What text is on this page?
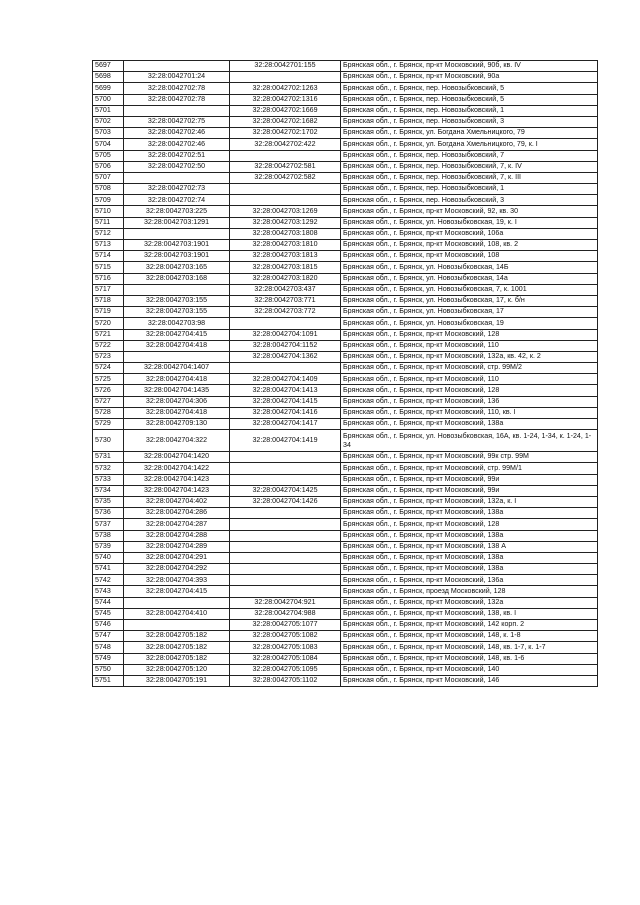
5697		32:28:0042701:155	Брянская обл., г. Брянск, пр-кт Московский, 90б, кв. IV
5698	32:28:0042701:24		Брянская обл., г. Брянск, пр-кт Московский, 90а
5699	32:28:0042702:78	32:28:0042702:1263	Брянская обл., г. Брянск, пер. Новозыбковский, 5
5700	32:28:0042702:78	32:28:0042702:1316	Брянская обл., г. Брянск, пер. Новозыбковский, 5
5701		32:28:0042702:1669	Брянская обл., г. Брянск, пер. Новозыбковский, 1
5702	32:28:0042702:75	32:28:0042702:1682	Брянская обл., г. Брянск, пер. Новозыбковский, 3
5703	32:28:0042702:46	32:28:0042702:1702	Брянская обл., г. Брянск, ул. Богдана Хмельницкого, 79
5704	32:28:0042702:46	32:28:0042702:422	Брянская обл., г. Брянск, ул. Богдана Хмельницкого, 79, к. I
5705	32:28:0042702:51		Брянская обл., г. Брянск, пер. Новозыбковский, 7
5706	32:28:0042702:50	32:28:0042702:581	Брянская обл., г. Брянск, пер. Новозыбковский, 7, к. IV
5707		32:28:0042702:582	Брянская обл., г. Брянск, пер. Новозыбковский, 7, к. III
5708	32:28:0042702:73		Брянская обл., г. Брянск, пер. Новозыбковский, 1
5709	32:28:0042702:74		Брянская обл., г. Брянск, пер. Новозыбковский, 3
5710	32:28:0042703:225	32:28:0042703:1269	Брянская обл., г. Брянск, пр-кт Московский, 92, кв. 30
5711	32:28:0042703:1291	32:28:0042703:1292	Брянская обл., г. Брянск, ул. Новозыбковская, 19, к. I
5712		32:28:0042703:1808	Брянская обл., г. Брянск, пр-кт Московский, 106а
5713	32:28:0042703:1901	32:28:0042703:1810	Брянская обл., г. Брянск, пр-кт Московский, 108, кв. 2
5714	32:28:0042703:1901	32:28:0042703:1813	Брянская обл., г. Брянск, пр-кт Московский, 108
5715	32:28:0042703:165	32:28:0042703:1815	Брянская обл., г. Брянск, ул. Новозыбковская, 14Б
5716	32:28:0042703:168	32:28:0042703:1820	Брянская обл., г. Брянск, ул. Новозыбковская, 14а
5717		32:28:0042703:437	Брянская обл., г. Брянск, ул. Новозыбковская, 7, к. 1001
5718	32:28:0042703:155	32:28:0042703:771	Брянская обл., г. Брянск, ул. Новозыбковская, 17, к. б/н
5719	32:28:0042703:155	32:28:0042703:772	Брянская обл., г. Брянск, ул. Новозыбковская, 17
5720	32:28:0042703:98		Брянская обл., г. Брянск, ул. Новозыбковская, 19
5721	32:28:0042704:415	32:28:0042704:1091	Брянская обл., г. Брянск, пр-кт Московский, 128
5722	32:28:0042704:418	32:28:0042704:1152	Брянская обл., г. Брянск, пр-кт Московский, 110
5723		32:28:0042704:1362	Брянская обл., г. Брянск, пр-кт Московский, 132а, кв. 42, к. 2
5724	32:28:0042704:1407		Брянская обл., г. Брянск, пр-кт Московский, стр. 99М/2
5725	32:28:0042704:418	32:28:0042704:1409	Брянская обл., г. Брянск, пр-кт Московский, 110
5726	32:28:0042704:1435	32:28:0042704:1413	Брянская обл., г. Брянск, пр-кт Московский, 128
5727	32:28:0042704:306	32:28:0042704:1415	Брянская обл., г. Брянск, пр-кт Московский, 136
5728	32:28:0042704:418	32:28:0042704:1416	Брянская обл., г. Брянск, пр-кт Московский, 110, кв. I
5729	32:28:0042709:130	32:28:0042704:1417	Брянская обл., г. Брянск, пр-кт Московский, 138а
5730	32:28:0042704:322	32:28:0042704:1419	Брянская обл., г. Брянск, ул. Новозыбковская, 16А, кв. 1-24, 1-34, к. 1-24, 1-34
5731	32:28:0042704:1420		Брянская обл., г. Брянск, пр-кт Московский, 99к стр. 99М
5732	32:28:0042704:1422		Брянская обл., г. Брянск, пр-кт Московский, стр. 99М/1
5733	32:28:0042704:1423		Брянская обл., г. Брянск, пр-кт Московский, 99и
5734	32:28:0042704:1423	32:28:0042704:1425	Брянская обл., г. Брянск, пр-кт Московский, 99и
5735	32:28:0042704:402	32:28:0042704:1426	Брянская обл., г. Брянск, пр-кт Московский, 132а, к. I
5736	32:28:0042704:286		Брянская обл., г. Брянск, пр-кт Московский, 138а
5737	32:28:0042704:287		Брянская обл., г. Брянск, пр-кт Московский, 128
5738	32:28:0042704:288		Брянская обл., г. Брянск, пр-кт Московский, 138а
5739	32:28:0042704:289		Брянская обл., г. Брянск, пр-кт Московский, 138 А
5740	32:28:0042704:291		Брянская обл., г. Брянск, пр-кт Московский, 138а
5741	32:28:0042704:292		Брянская обл., г. Брянск, пр-кт Московский, 138а
5742	32:28:0042704:393		Брянская обл., г. Брянск, пр-кт Московский, 136а
5743	32:28:0042704:415		Брянская обл., г. Брянск, проезд Московский, 128
5744		32:28:0042704:921	Брянская обл., г. Брянск, пр-кт Московский, 132а
5745	32:28:0042704:410	32:28:0042704:988	Брянская обл., г. Брянск, пр-кт Московский, 138, кв. I
5746		32:28:0042705:1077	Брянская обл., г. Брянск, пр-кт Московский, 142 корп. 2
5747	32:28:0042705:182	32:28:0042705:1082	Брянская обл., г. Брянск, пр-кт Московский, 148, к. 1-8
5748	32:28:0042705:182	32:28:0042705:1083	Брянская обл., г. Брянск, пр-кт Московский, 148, кв. 1-7, к. 1-7
5749	32:28:0042705:182	32:28:0042705:1084	Брянская обл., г. Брянск, пр-кт Московский, 148, кв. 1-6
5750	32:28:0042705:120	32:28:0042705:1095	Брянская обл., г. Брянск, пр-кт Московский, 140
5751	32:28:0042705:191	32:28:0042705:1102	Брянская обл., г. Брянск, пр-кт Московский, 146
